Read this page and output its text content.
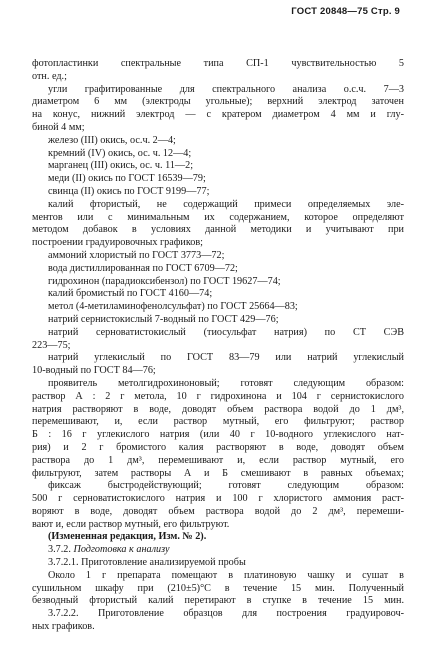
ГОСТ 20848—75 Стр. 9
фотопластинки спектральные типа СП-1 чувствительностью 5
отн. ед.;
угли графитированные для спектрального анализа о.с.ч. 7—3
диаметром 6 мм (электроды угольные); верхний электрод заточен
на конус, нижний электрод — с кратером диаметром 4 мм и глу-
биной 4 мм;
железо (III) окись, ос.ч. 2—4;
кремний (IV) окись, ос. ч. 12—4;
марганец (III) окись, ос. ч. 11—2;
меди (II) окись по ГОСТ 16539—79;
свинца (II) окись по ГОСТ 9199—77;
калий фтористый, не содержащий примеси определяемых эле-
ментов или с минимальным их содержанием, которое определяют
методом добавок в условиях данной методики и учитывают при
построении градуировочных графиков;
аммоний хлористый по ГОСТ 3773—72;
вода дистиллированная по ГОСТ 6709—72;
гидрохинон (парадиоксибензол) по ГОСТ 19627—74;
калий бромистый по ГОСТ 4160—74;
метол (4-метиламинофенолсульфат) по ГОСТ 25664—83;
натрий сернистокислый 7-водный по ГОСТ 429—76;
натрий серноватистокислый (тиосульфат натрия) по СТ СЭВ
223—75;
натрий углекислый по ГОСТ 83—79 или натрий углекислый
10-водный по ГОСТ 84—76;
проявитель метолгидрохиноновый; готовят следующим образом:
раствор А : 2 г метола, 10 г гидрохинона и 104 г сернистокислого
натрия растворяют в воде, доводят объем раствора водой до 1 дм³,
перемешивают, и, если раствор мутный, его фильтруют; раствор
Б : 16 г углекислого натрия (или 40 г 10-водного углекислого нат-
рия) и 2 г бромистого калия растворяют в воде, доводят объем
раствора до 1 дм³, перемешивают и, если раствор мутный, его
фильтруют, затем растворы А и Б смешивают в равных объемах;
фиксаж быстродействующий; готовят следующим образом:
500 г серноватистокислого натрия и 100 г хлористого аммония раст-
воряют в воде, доводят объем раствора водой до 2 дм³, перемеши-
вают и, если раствор мутный, его фильтруют.
(Измененная редакция, Изм. № 2).
3.7.2. Подготовка к анализу
3.7.2.1. Приготовление анализируемой пробы
Около 1 г препарата помещают в платиновую чашку и сушат в
сушильном шкафу при (210±5)°С в течение 15 мин. Полученный
безводный фтористый калий перетирают в ступке в течение 15 мин.
3.7.2.2. Приготовление образцов для построения градуировоч-
ных графиков.
